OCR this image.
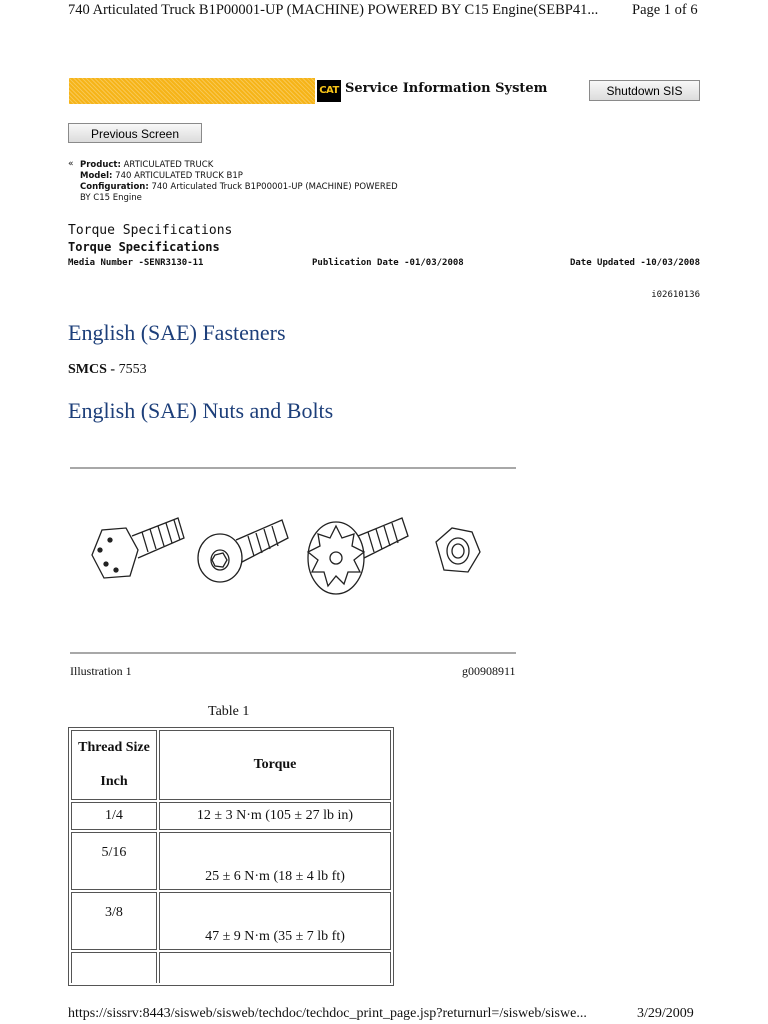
740 Articulated Truck B1P00001-UP (MACHINE) POWERED BY C15 Engine(SEBP41... Page 1 of 6
CAT Service Information System	Shutdown SIS
Previous Screen
« Product: ARTICULATED TRUCK
Model: 740 ARTICULATED TRUCK B1P
Configuration: 740 Articulated Truck B1P00001-UP (MACHINE) POWERED
BY C15 Engine
Torque Specifications
Torque Specifications
Media Number -SENR3130-11	Publication Date -01/03/2008	Date Updated -10/03/2008
i02610136
English (SAE) Fasteners
SMCS - 7553
English (SAE) Nuts and Bolts
Illustration 1	g00908911
Table 1
Thread Size
Inch	Torque
1/4	12 ± 3 N·m (105 ± 27 lb in)
5/16	25 ± 6 N·m (18 ± 4 lb ft)
3/8	47 ± 9 N·m (35 ± 7 lb ft)

https://sissrv:8443/sisweb/sisweb/techdoc/techdoc_print_page.jsp?returnurl=/sisweb/siswe...	3/29/2009
